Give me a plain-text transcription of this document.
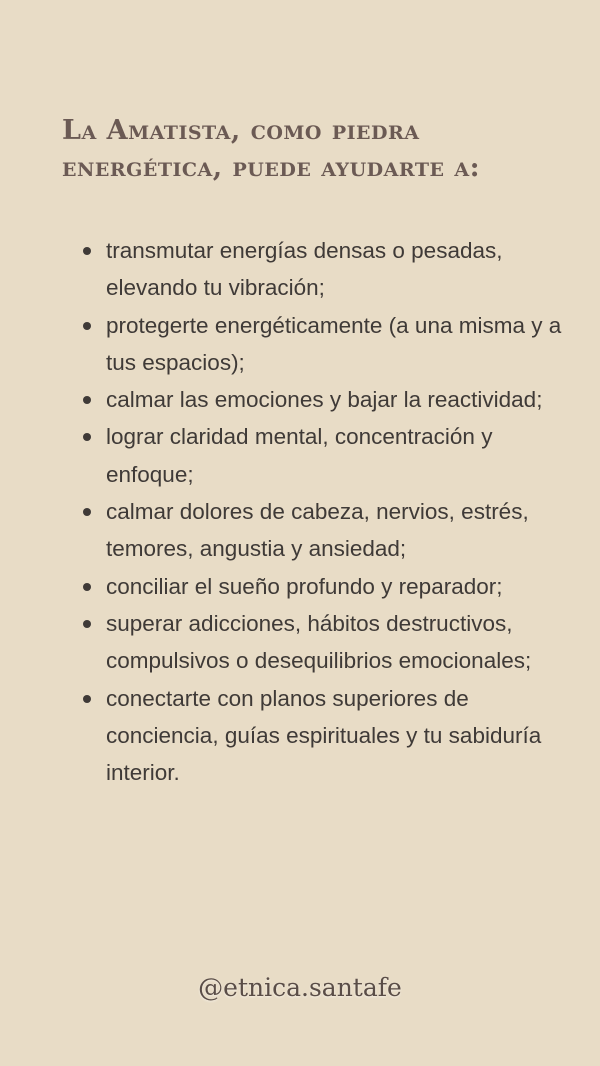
La Amatista, como piedra energética, puede ayudarte a:
transmutar energías densas o pesadas, elevando tu vibración;
protegerte energéticamente (a una misma y a tus espacios);
calmar las emociones y bajar la reactividad;
lograr claridad mental, concentración y enfoque;
calmar dolores de cabeza, nervios, estrés, temores, angustia y ansiedad;
conciliar el sueño profundo y reparador;
superar adicciones, hábitos destructivos, compulsivos o desequilibrios emocionales;
conectarte con planos superiores de conciencia, guías espirituales y tu sabiduría interior.
@etnica.santafe
